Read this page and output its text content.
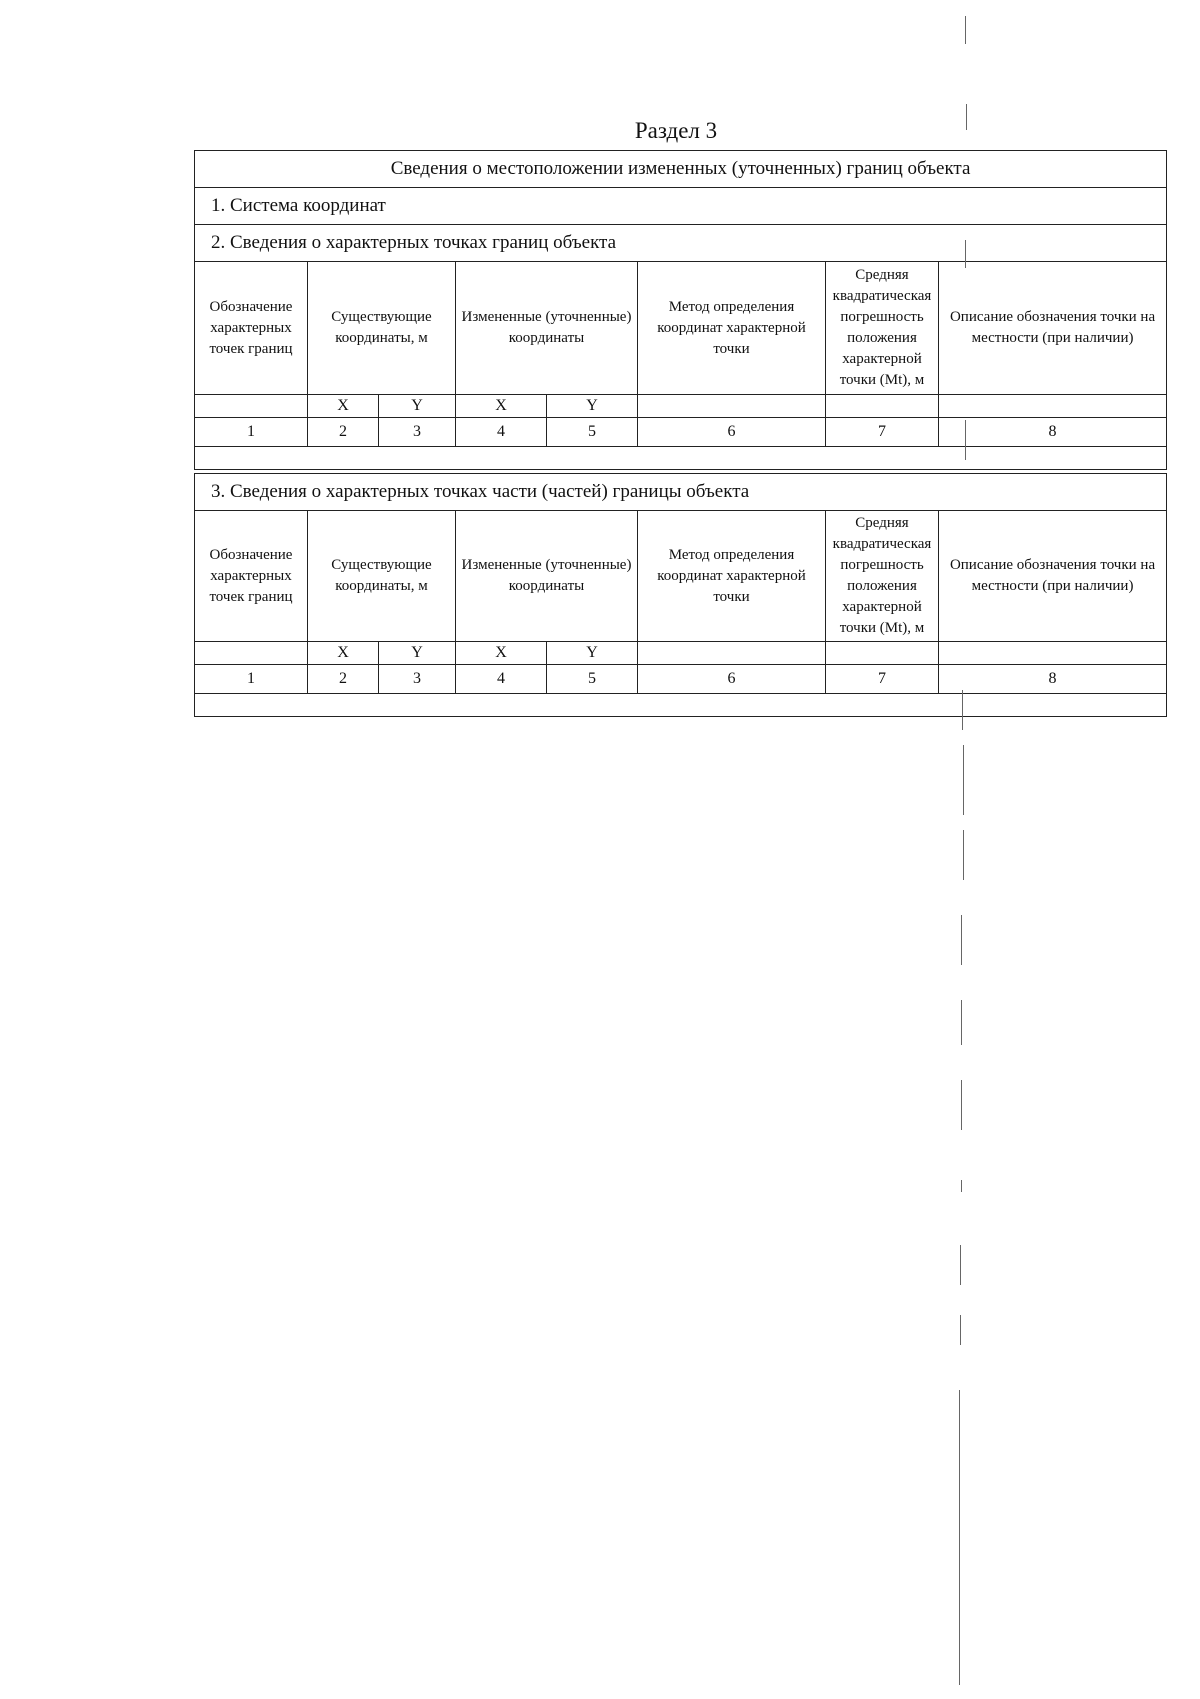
Раздел 3
Сведения о местоположении измененных (уточненных) границ объекта							
1. Система координат							
2. Сведения о характерных точках границ объекта							
Обозначение характерных точек границ	Существующие координаты, м		Измененные (уточненные) координаты		Метод определения координат характерной точки	Средняя квадратическая погрешность положения характерной точки (Mt), м	Описание обозначения точки на местности (при наличии)
	X	Y	X	Y			
1	2	3	4	5	6	7	8

3. Сведения о характерных точках части (частей) границы объекта							
Обозначение характерных точек границ	Существующие координаты, м		Измененные (уточненные) координаты		Метод определения координат характерной точки	Средняя квадратическая погрешность положения характерной точки (Mt), м	Описание обозначения точки на местности (при наличии)
	X	Y	X	Y			
1	2	3	4	5	6	7	8
